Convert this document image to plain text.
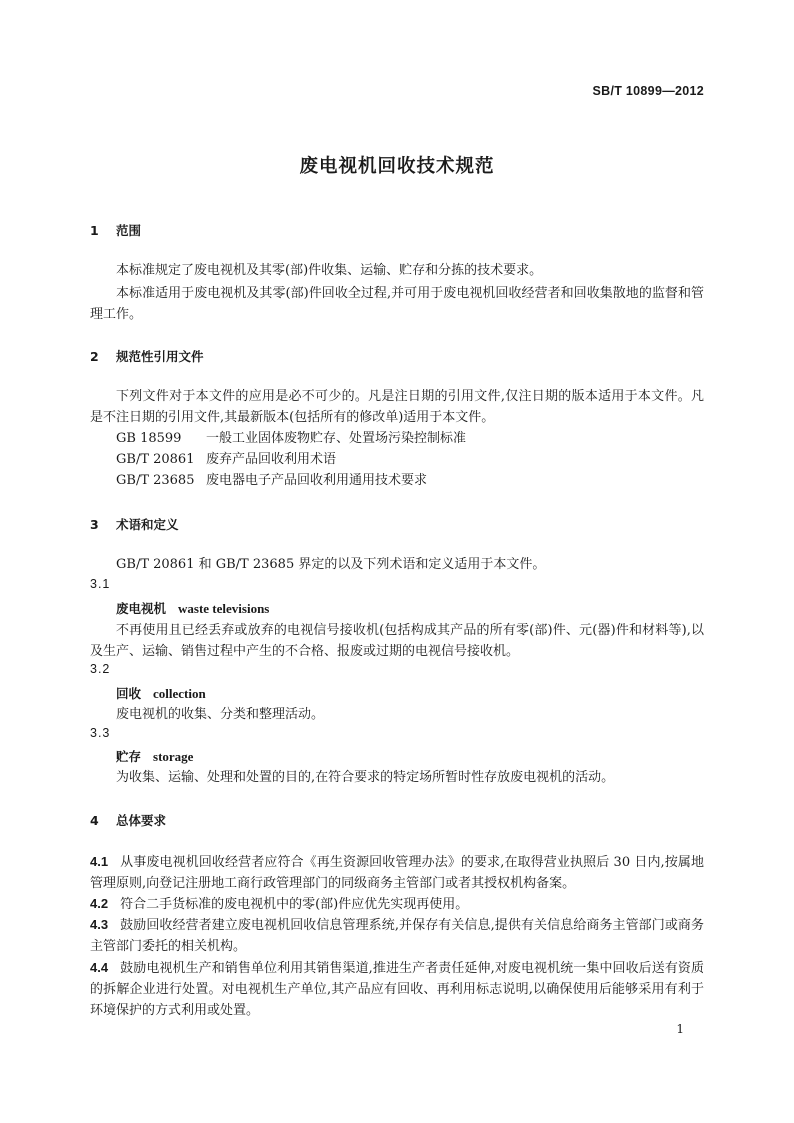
SB/T 10899—2012
废电视机回收技术规范
1 范围
本标准规定了废电视机及其零(部)件收集、运输、贮存和分拣的技术要求。
本标准适用于废电视机及其零(部)件回收全过程,并可用于废电视机回收经营者和回收集散地的监督和管理工作。
2 规范性引用文件
下列文件对于本文件的应用是必不可少的。凡是注日期的引用文件,仅注日期的版本适用于本文件。凡是不注日期的引用文件,其最新版本(包括所有的修改单)适用于本文件。
GB 18599 一般工业固体废物贮存、处置场污染控制标准
GB/T 20861 废弃产品回收利用术语
GB/T 23685 废电器电子产品回收利用通用技术要求
3 术语和定义
GB/T 20861 和 GB/T 23685 界定的以及下列术语和定义适用于本文件。
3.1
废电视机 waste televisions
不再使用且已经丢弃或放弃的电视信号接收机(包括构成其产品的所有零(部)件、元(器)件和材料等),以及生产、运输、销售过程中产生的不合格、报废或过期的电视信号接收机。
3.2
回收 collection
废电视机的收集、分类和整理活动。
3.3
贮存 storage
为收集、运输、处理和处置的目的,在符合要求的特定场所暂时性存放废电视机的活动。
4 总体要求
4.1 从事废电视机回收经营者应符合《再生资源回收管理办法》的要求,在取得营业执照后 30 日内,按属地管理原则,向登记注册地工商行政管理部门的同级商务主管部门或者其授权机构备案。
4.2 符合二手货标准的废电视机中的零(部)件应优先实现再使用。
4.3 鼓励回收经营者建立废电视机回收信息管理系统,并保存有关信息,提供有关信息给商务主管部门或商务主管部门委托的相关机构。
4.4 鼓励电视机生产和销售单位利用其销售渠道,推进生产者责任延伸,对废电视机统一集中回收后送有资质的拆解企业进行处置。对电视机生产单位,其产品应有回收、再利用标志说明,以确保使用后能够采用有利于环境保护的方式利用或处置。
1
